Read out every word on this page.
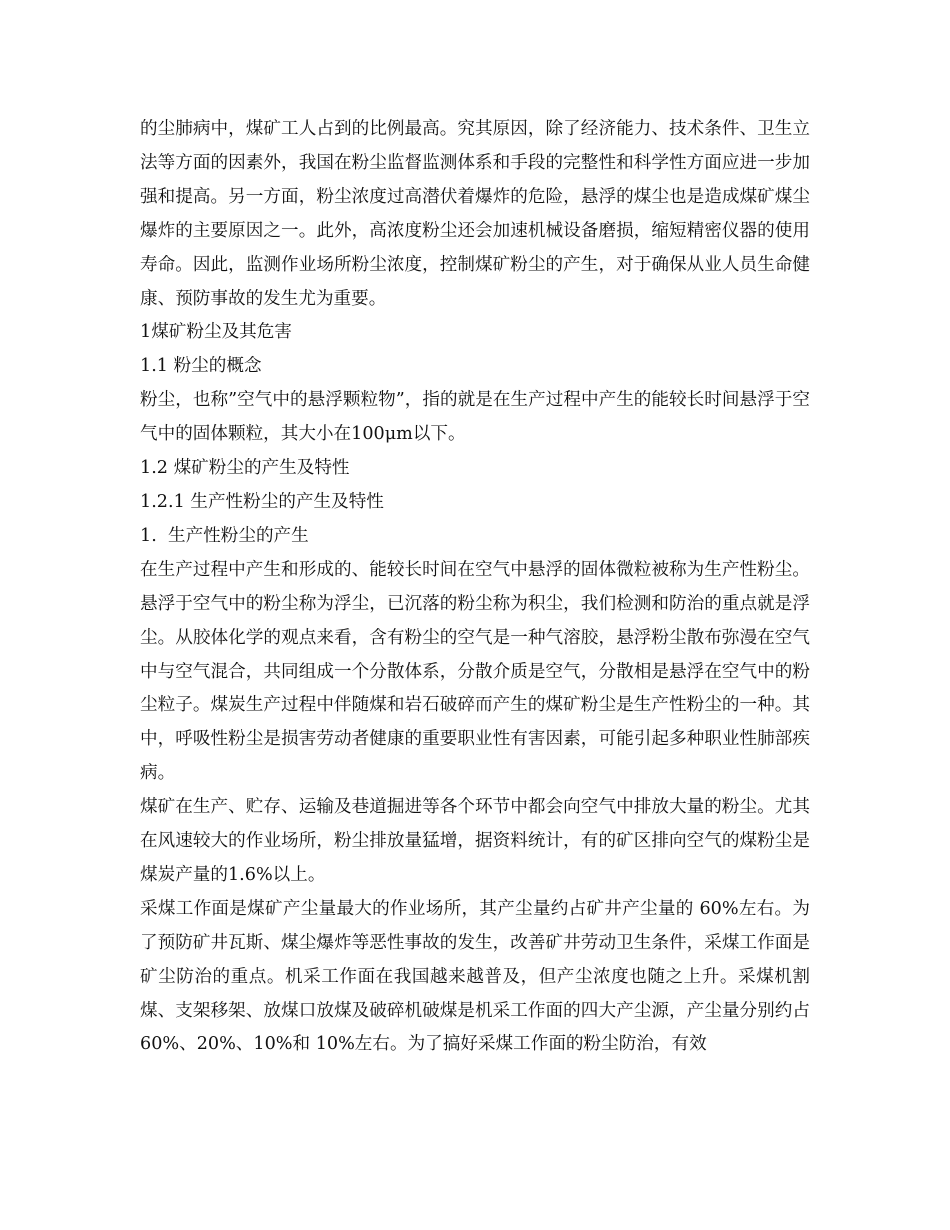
的尘肺病中，煤矿工人占到的比例最高。究其原因，除了经济能力、技术条件、卫生立法等方面的因素外，我国在粉尘监督监测体系和手段的完整性和科学性方面应进一步加强和提高。另一方面，粉尘浓度过高潜伏着爆炸的危险，悬浮的煤尘也是造成煤矿煤尘爆炸的主要原因之一。此外，高浓度粉尘还会加速机械设备磨损，缩短精密仪器的使用寿命。因此，监测作业场所粉尘浓度，控制煤矿粉尘的产生，对于确保从业人员生命健康、预防事故的发生尤为重要。

1煤矿粉尘及其危害

1.1 粉尘的概念

粉尘，也称”空气中的悬浮颗粒物”，指的就是在生产过程中产生的能较长时间悬浮于空气中的固体颗粒，其大小在100μm以下。

1.2 煤矿粉尘的产生及特性

1.2.1 生产性粉尘的产生及特性

1.  生产性粉尘的产生

在生产过程中产生和形成的、能较长时间在空气中悬浮的固体微粒被称为生产性粉尘。悬浮于空气中的粉尘称为浮尘，已沉落的粉尘称为积尘，我们检测和防治的重点就是浮尘。从胶体化学的观点来看，含有粉尘的空气是一种气溶胶，悬浮粉尘散布弥漫在空气中与空气混合，共同组成一个分散体系，分散介质是空气，分散相是悬浮在空气中的粉尘粒子。煤炭生产过程中伴随煤和岩石破碎而产生的煤矿粉尘是生产性粉尘的一种。其中，呼吸性粉尘是损害劳动者健康的重要职业性有害因素，可能引起多种职业性肺部疾病。

煤矿在生产、贮存、运输及巷道掘进等各个环节中都会向空气中排放大量的粉尘。尤其在风速较大的作业场所，粉尘排放量猛增，据资料统计，有的矿区排向空气的煤粉尘是煤炭产量的1.6%以上。

采煤工作面是煤矿产尘量最大的作业场所，其产尘量约占矿井产尘量的 60%左右。为了预防矿井瓦斯、煤尘爆炸等恶性事故的发生，改善矿井劳动卫生条件，采煤工作面是矿尘防治的重点。机采工作面在我国越来越普及，但产尘浓度也随之上升。采煤机割煤、支架移架、放煤口放煤及破碎机破煤是机采工作面的四大产尘源，产尘量分别约占60%、20%、10%和 10%左右。为了搞好采煤工作面的粉尘防治，有效
